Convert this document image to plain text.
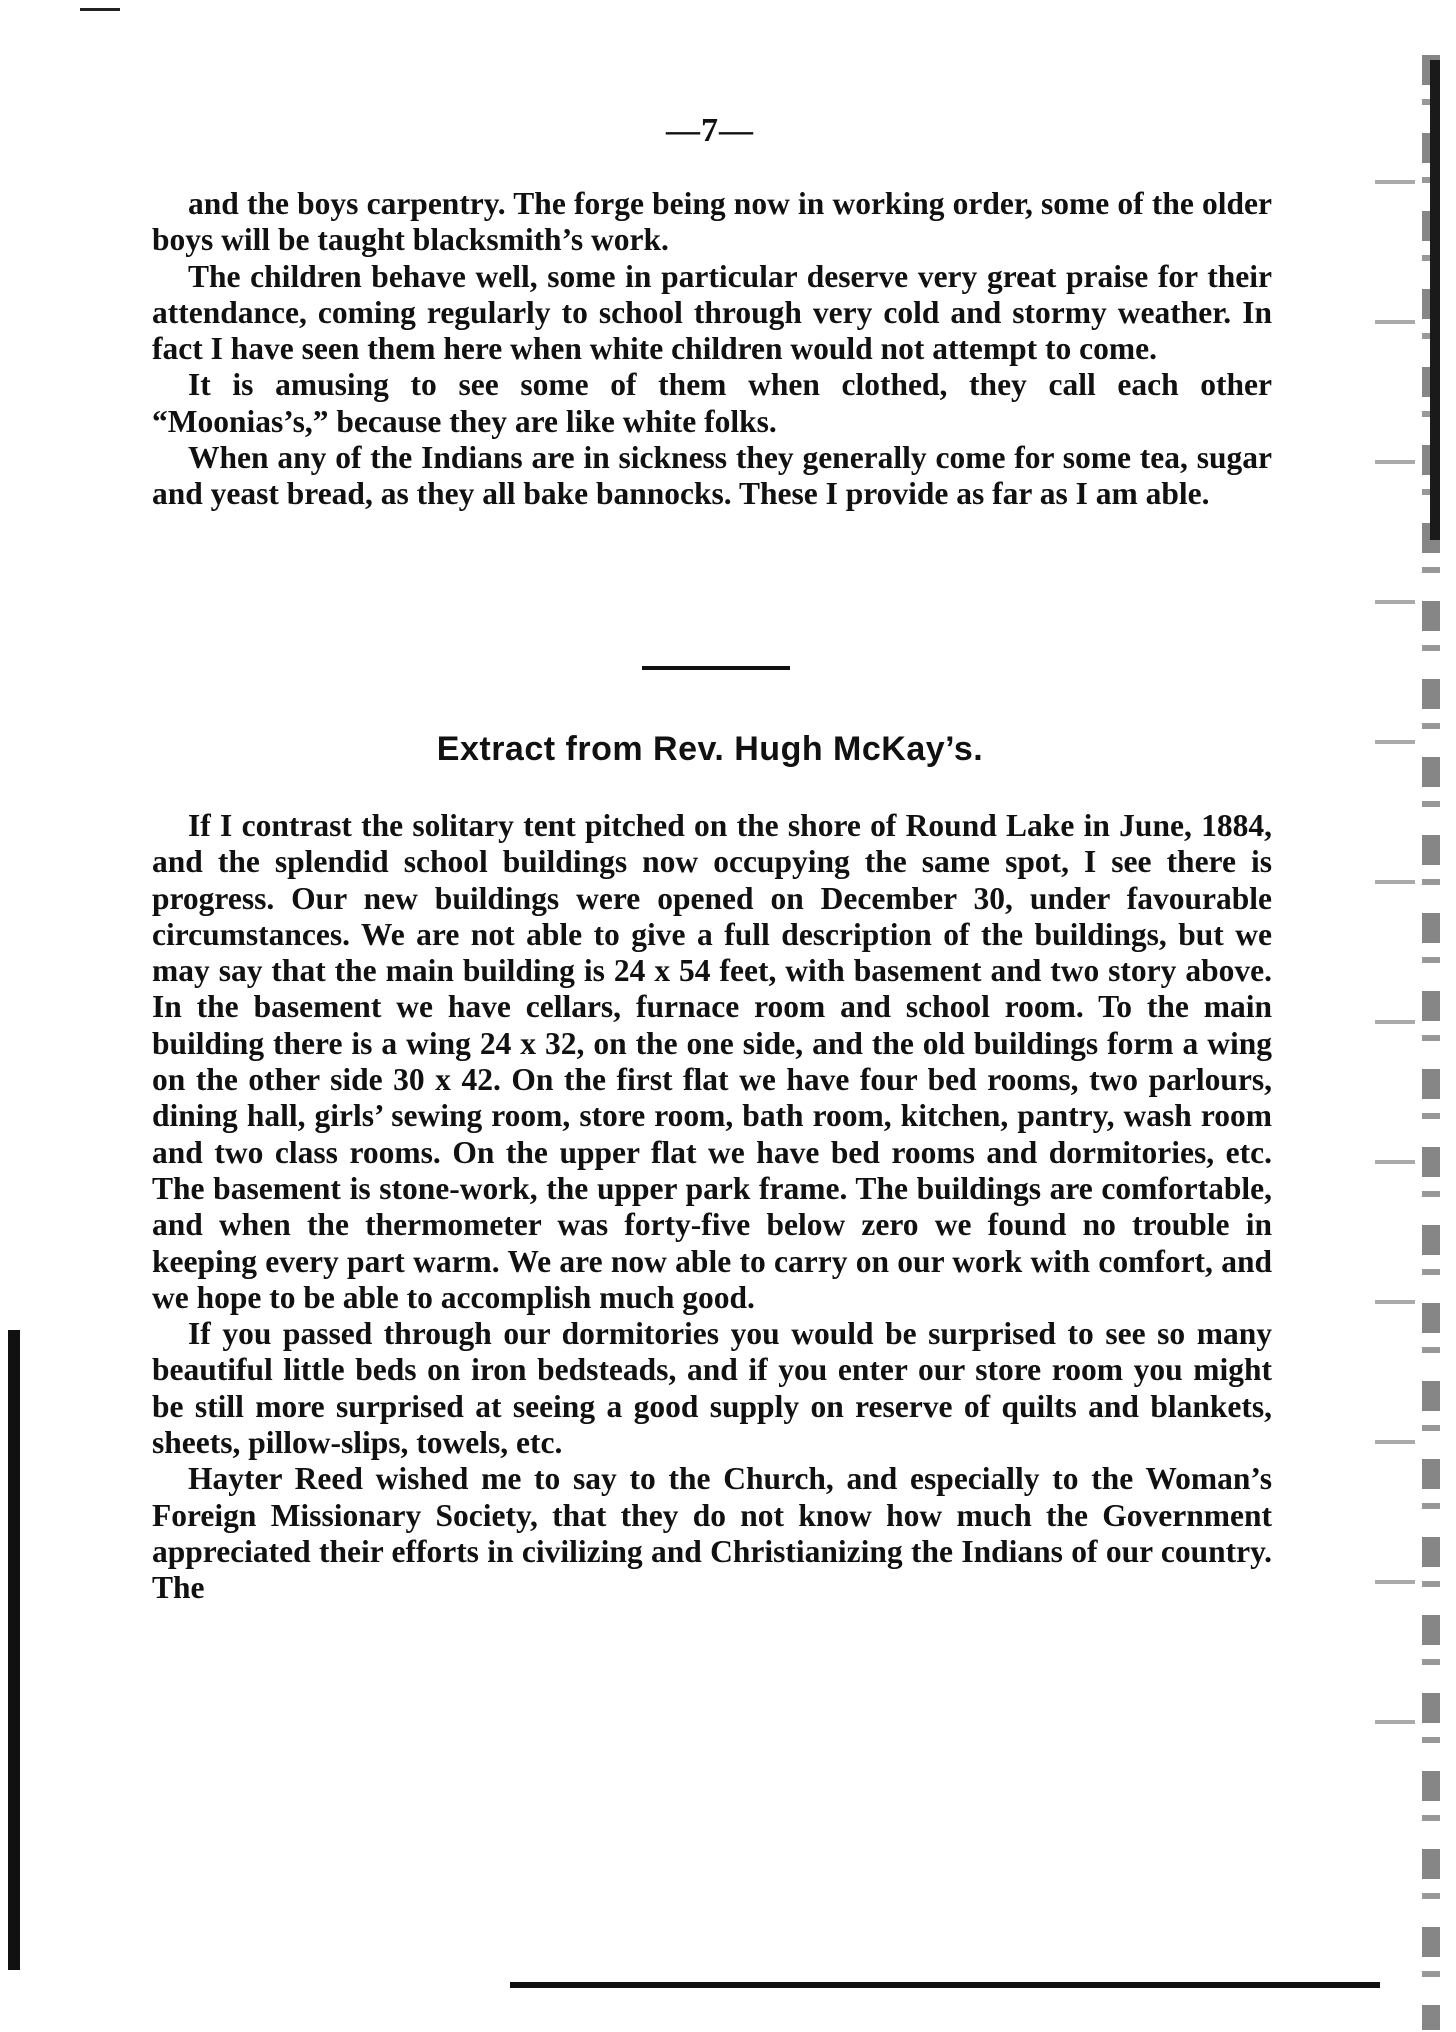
—7—

and the boys carpentry. The forge being now in working order, some of the older boys will be taught blacksmith’s work.

The children behave well, some in particular deserve very great praise for their attendance, coming regularly to school through very cold and stormy weather. In fact I have seen them here when white children would not attempt to come.

It is amusing to see some of them when clothed, they call each other “Moonias’s,” because they are like white folks.

When any of the Indians are in sickness they generally come for some tea, sugar and yeast bread, as they all bake bannocks. These I provide as far as I am able.

Extract from Rev. Hugh McKay’s.

If I contrast the solitary tent pitched on the shore of Round Lake in June, 1884, and the splendid school buildings now occupying the same spot, I see there is progress. Our new buildings were opened on December 30, under favourable circumstances. We are not able to give a full description of the buildings, but we may say that the main building is 24 x 54 feet, with basement and two story above. In the basement we have cellars, furnace room and school room. To the main building there is a wing 24 x 32, on the one side, and the old buildings form a wing on the other side 30 x 42. On the first flat we have four bed rooms, two parlours, dining hall, girls’ sewing room, store room, bath room, kitchen, pantry, wash room and two class rooms. On the upper flat we have bed rooms and dormitories, etc. The basement is stone-work, the upper park frame. The buildings are comfortable, and when the thermometer was forty-five below zero we found no trouble in keeping every part warm. We are now able to carry on our work with comfort, and we hope to be able to accomplish much good.

If you passed through our dormitories you would be surprised to see so many beautiful little beds on iron bedsteads, and if you enter our store room you might be still more surprised at seeing a good supply on reserve of quilts and blankets, sheets, pillow-slips, towels, etc.

Hayter Reed wished me to say to the Church, and especially to the Woman’s Foreign Missionary Society, that they do not know how much the Government appreciated their efforts in civilizing and Christianizing the Indians of our country. The
